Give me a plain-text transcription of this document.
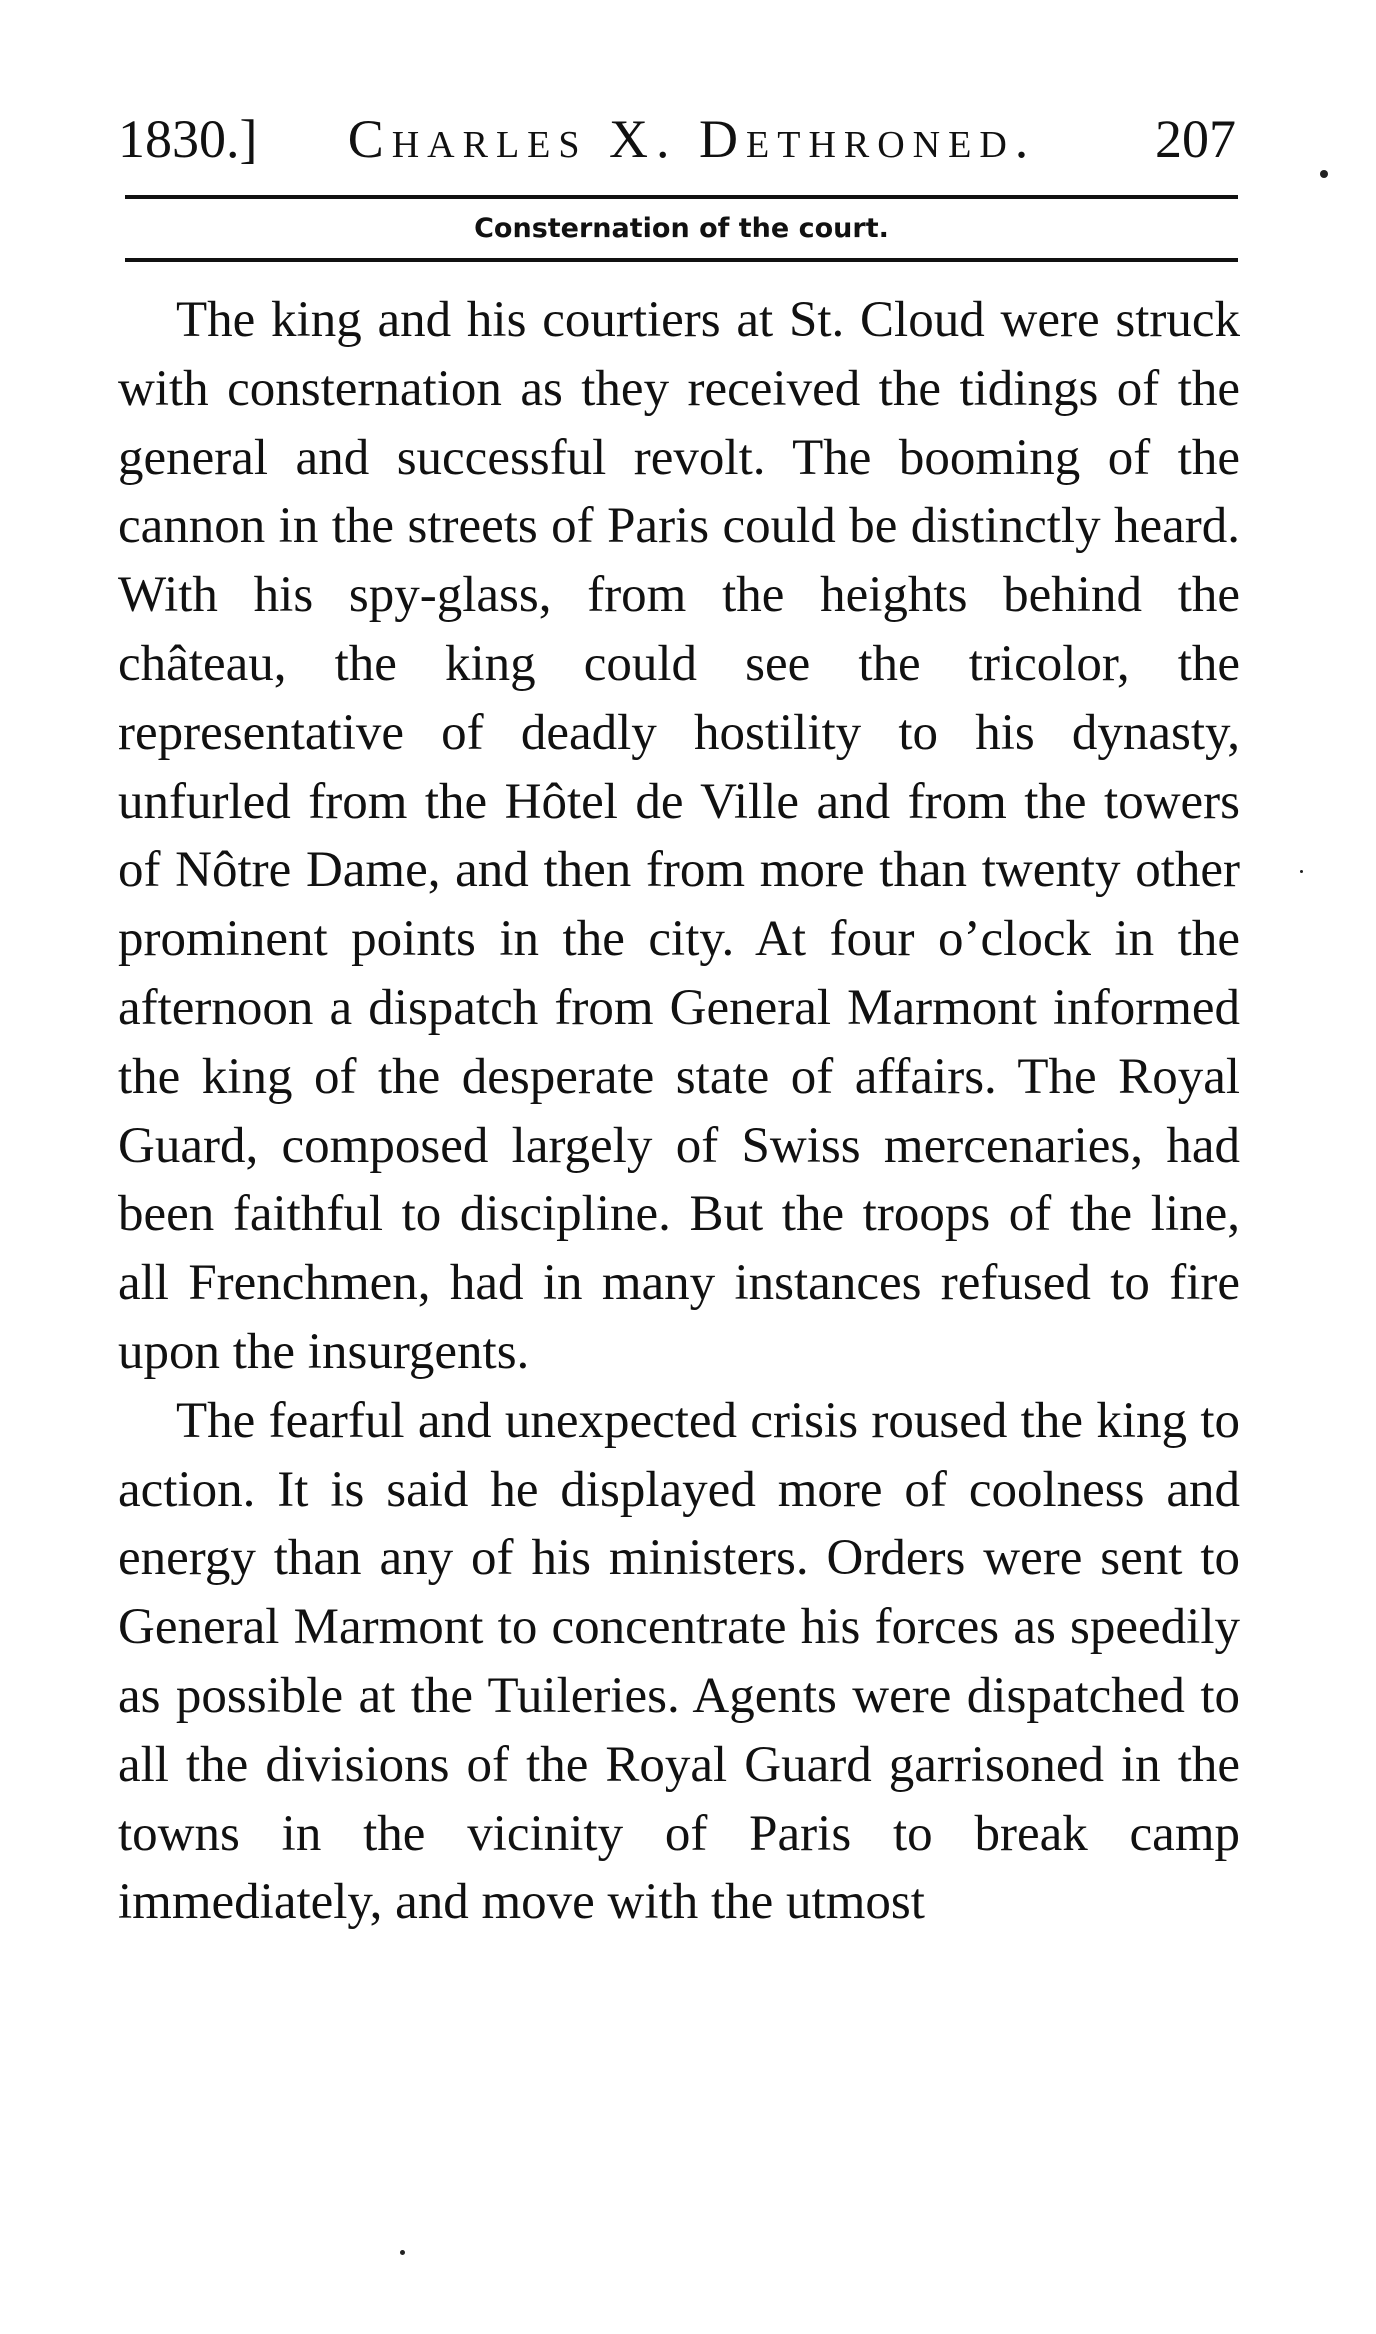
1830.]	Charles X. Dethroned.	207
Consternation of the court.

The king and his courtiers at St. Cloud were struck with consternation as they received the tidings of the general and successful revolt. The booming of the cannon in the streets of Paris could be distinctly heard. With his spy-glass, from the heights behind the château, the king could see the tricolor, the representative of deadly hostility to his dynasty, unfurled from the Hôtel de Ville and from the towers of Nôtre Dame, and then from more than twenty other prominent points in the city. At four o’clock in the afternoon a dispatch from General Marmont informed the king of the desperate state of affairs. The Royal Guard, composed largely of Swiss mercenaries, had been faithful to discipline. But the troops of the line, all Frenchmen, had in many instances refused to fire upon the insurgents.

The fearful and unexpected crisis roused the king to action. It is said he displayed more of coolness and energy than any of his ministers. Orders were sent to General Marmont to concentrate his forces as speedily as possible at the Tuileries. Agents were dispatched to all the divisions of the Royal Guard garrisoned in the towns in the vicinity of Paris to break camp immediately, and move with the utmost
